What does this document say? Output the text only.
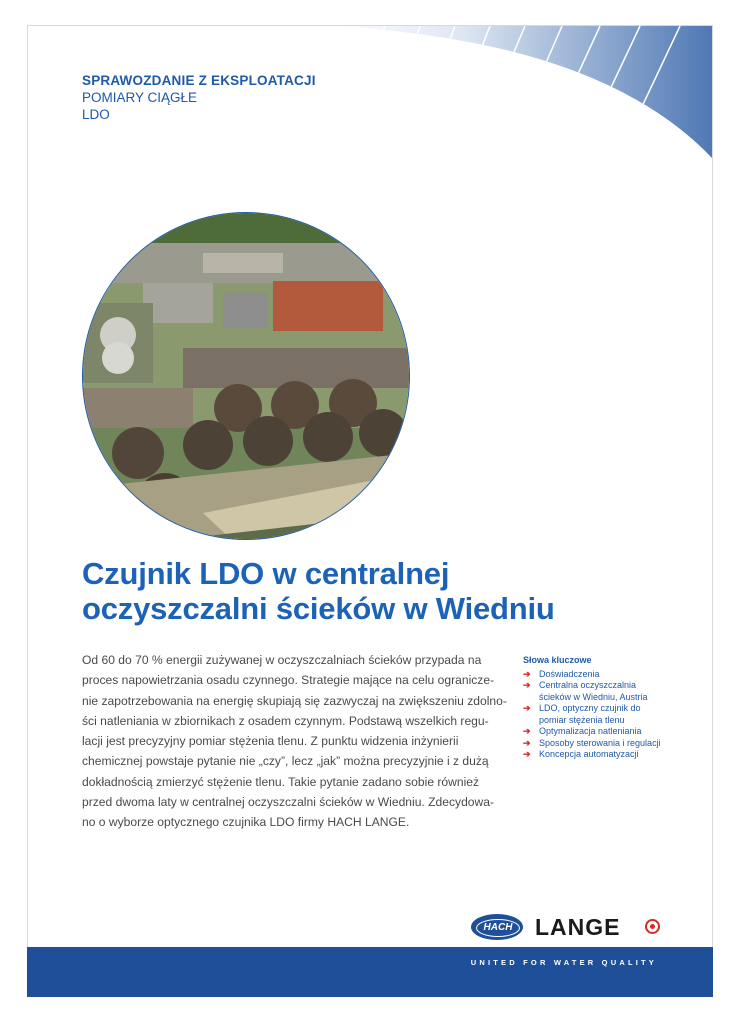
SPRAWOZDANIE Z EKSPLOATACJI
POMIARY CIĄGŁE
LDO
Czujnik LDO w centralnej
oczyszczalni ścieków w Wiedniu
Od 60 do 70 % energii zużywanej w oczyszczalniach ścieków przypada na
proces napowietrzania osadu czynnego. Strategie mające na celu ogranicze-
nie zapotrzebowania na energię skupiają się zazwyczaj na zwiększeniu zdolno-
ści natleniania w zbiornikach z osadem czynnym. Podstawą wszelkich regu-
lacji jest precyzyjny pomiar stężenia tlenu. Z punktu widzenia inżynierii
chemicznej powstaje pytanie nie „czy”, lecz „jak” można precyzyjnie i z dużą
dokładnością zmierzyć stężenie tlenu. Takie pytanie zadano sobie również
przed dwoma laty w centralnej oczyszczalni ścieków w Wiedniu. Zdecydowa-
no o wyborze optycznego czujnika LDO firmy HACH LANGE.
Słowa kluczowe
➔ Doświadczenia
➔ Centralna oczyszczalnia
ścieków w Wiedniu, Austria
➔ LDO, optyczny czujnik do
pomiar stężenia tlenu
➔ Optymalizacja natleniania
➔ Sposoby sterowania i regulacji
➔ Koncepcja automatyzacji
HACH LANGE
UNITED FOR WATER QUALITY
